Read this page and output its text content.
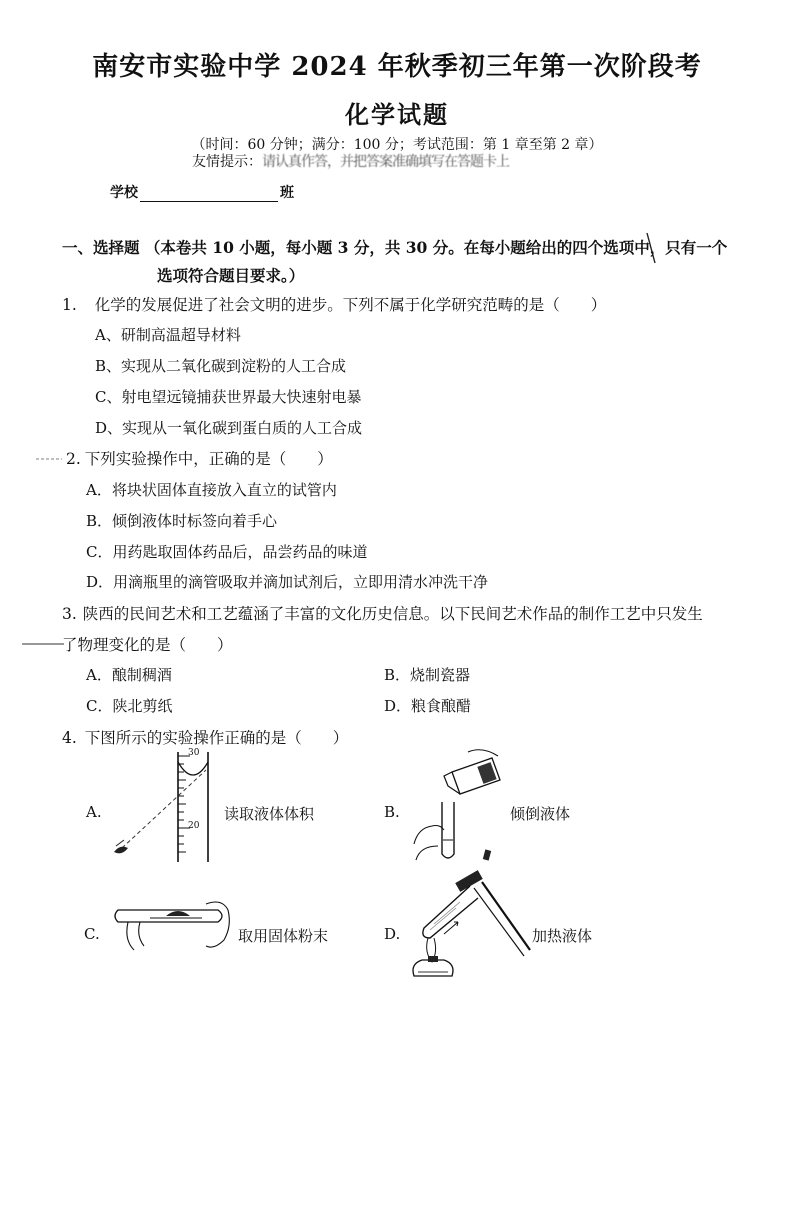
南安市实验中学 2024 年秋季初三年第一次阶段考
化学试题
（时间：60 分钟；满分：100 分；考试范围：第 1 章至第 2 章）
友情提示：请认真作答，并把答案准确填写在答题卡上
学校	班
一、选择题 （本卷共 10 小题，每小题 3 分，共 30 分。在每小题给出的四个选项中，只有一个
选项符合题目要求。）
1. 化学的发展促进了社会文明的进步。下列不属于化学研究范畴的是（　　）
A、研制高温超导材料
B、实现从二氧化碳到淀粉的人工合成
C、射电望远镜捕获世界最大快速射电暴
D、实现从一氧化碳到蛋白质的人工合成
2. 下列实验操作中，正确的是（　　）
A．将块状固体直接放入直立的试管内
B．倾倒液体时标签向着手心
C．用药匙取固体药品后，品尝药品的味道
D．用滴瓶里的滴管吸取并滴加试剂后，立即用清水冲洗干净
3. 陕西的民间艺术和工艺蕴涵了丰富的文化历史信息。以下民间艺术作品的制作工艺中只发生
了物理变化的是（　　）
A．酿制稠酒	B．烧制瓷器
C．陕北剪纸	D．粮食酿醋
4. 下图所示的实验操作正确的是（　　）
A.
30
20
读取液体体积	B.	倾倒液体
C.	取用固体粉末	D.	加热液体
